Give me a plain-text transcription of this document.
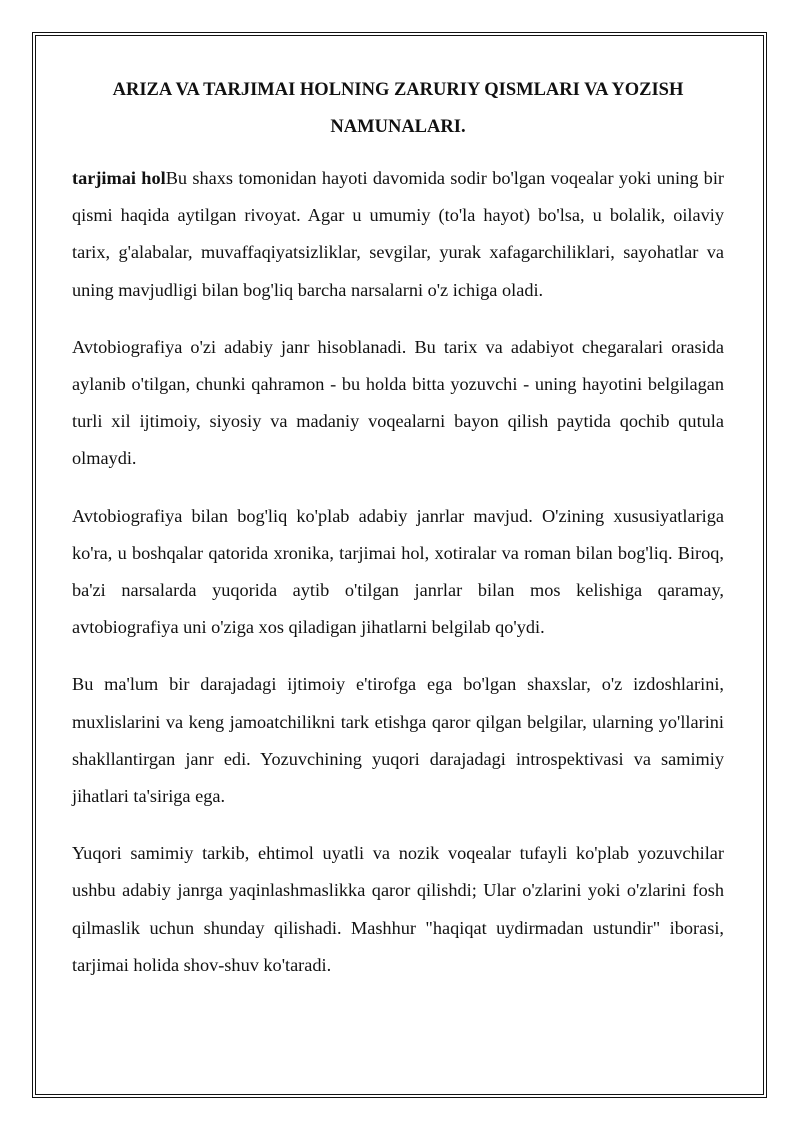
ARIZA VA TARJIMAI HOLNING ZARURIY QISMLARI VA YOZISH NAMUNALARI.

tarjimai holBu shaxs tomonidan hayoti davomida sodir bo'lgan voqealar yoki uning bir qismi haqida aytilgan rivoyat. Agar u umumiy (to'la hayot) bo'lsa, u bolalik, oilaviy tarix, g'alabalar, muvaffaqiyatsizliklar, sevgilar, yurak xafagarchiliklari, sayohatlar va uning mavjudligi bilan bog'liq barcha narsalarni o'z ichiga oladi.

Avtobiografiya o'zi adabiy janr hisoblanadi. Bu tarix va adabiyot chegaralari orasida aylanib o'tilgan, chunki qahramon - bu holda bitta yozuvchi - uning hayotini belgilagan turli xil ijtimoiy, siyosiy va madaniy voqealarni bayon qilish paytida qochib qutula olmaydi.

Avtobiografiya bilan bog'liq ko'plab adabiy janrlar mavjud. O'zining xususiyatlariga ko'ra, u boshqalar qatorida xronika, tarjimai hol, xotiralar va roman bilan bog'liq. Biroq, ba'zi narsalarda yuqorida aytib o'tilgan janrlar bilan mos kelishiga qaramay, avtobiografiya uni o'ziga xos qiladigan jihatlarni belgilab qo'ydi.

Bu ma'lum bir darajadagi ijtimoiy e'tirofga ega bo'lgan shaxslar, o'z izdoshlarini, muxlislarini va keng jamoatchilikni tark etishga qaror qilgan belgilar, ularning yo'llarini shakllantirgan janr edi. Yozuvchining yuqori darajadagi introspektivasi va samimiy jihatlari ta'siriga ega.

Yuqori samimiy tarkib, ehtimol uyatli va nozik voqealar tufayli ko'plab yozuvchilar ushbu adabiy janrga yaqinlashmaslikka qaror qilishdi; Ular o'zlarini yoki o'zlarini fosh qilmaslik uchun shunday qilishadi. Mashhur "haqiqat uydirmadan ustundir" iborasi, tarjimai holida shov-shuv ko'taradi.
